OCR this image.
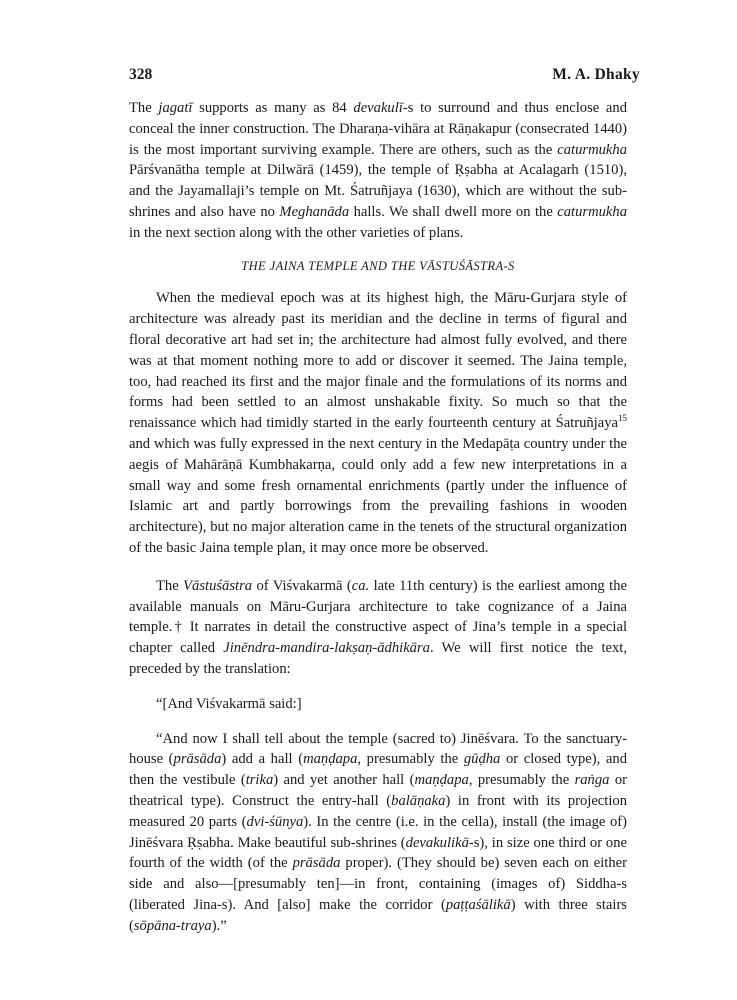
328	M. A. Dhaky

The jagatī supports as many as 84 devakulī-s to surround and thus enclose and conceal the inner construction. The Dharaṇa-vihāra at Rāṇakapur (consecrated 1440) is the most important surviving example. There are others, such as the caturmukha Pārśvanātha temple at Dilwārā (1459), the temple of Ṛṣabha at Acalagarh (1510), and the Jayamallaji’s temple on Mt. Śatruñjaya (1630), which are without the sub-shrines and also have no Meghanāda halls. We shall dwell more on the caturmukha in the next section along with the other varieties of plans.

THE JAINA TEMPLE AND THE VĀSTUŚĀSTRA-S

When the medieval epoch was at its highest high, the Māru-Gurjara style of architecture was already past its meridian and the decline in terms of figural and floral decorative art had set in; the architecture had almost fully evolved, and there was at that moment nothing more to add or discover it seemed. The Jaina temple, too, had reached its first and the major finale and the formulations of its norms and forms had been settled to an almost unshakable fixity. So much so that the renaissance which had timidly started in the early fourteenth century at Śatruñjaya$^{15}$ and which was fully expressed in the next century in the Medapāṭa country under the aegis of Mahārāṇā Kumbhakarṇa, could only add a few new interpretations in a small way and some fresh ornamental enrichments (partly under the influence of Islamic art and partly borrowings from the prevailing fashions in wooden architecture), but no major alteration came in the tenets of the structural organization of the basic Jaina temple plan, it may once more be observed.

The Vāstuśāstra of Viśvakarmā (ca. late 11th century) is the earliest among the available manuals on Māru-Gurjara architecture to take cognizance of a Jaina temple.† It narrates in detail the constructive aspect of Jina’s temple in a special chapter called Jinēndra-mandira-lakṣaṇ-ādhikāra. We will first notice the text, preceded by the translation:

“[And Viśvakarmā said:]

“And now I shall tell about the temple (sacred to) Jinēśvara. To the sanctuary-house (prāsāda) add a hall (maṇḍapa, presumably the gūḍha or closed type), and then the vestibule (trika) and yet another hall (maṇḍapa, presumably the raṅga or theatrical type). Construct the entry-hall (balāṇaka) in front with its projection measured 20 parts (dvi-śūnya). In the centre (i.e. in the cella), install (the image of) Jinēśvara Ṛṣabha. Make beautiful sub-shrines (devakulikā-s), in size one third or one fourth of the width (of the prāsāda proper). (They should be) seven each on either side and also—[presumably ten]—in front, containing (images of) Siddha-s (liberated Jina-s). And [also] make the corridor (paṭṭaśālikā) with three stairs (sōpāna-traya).”
